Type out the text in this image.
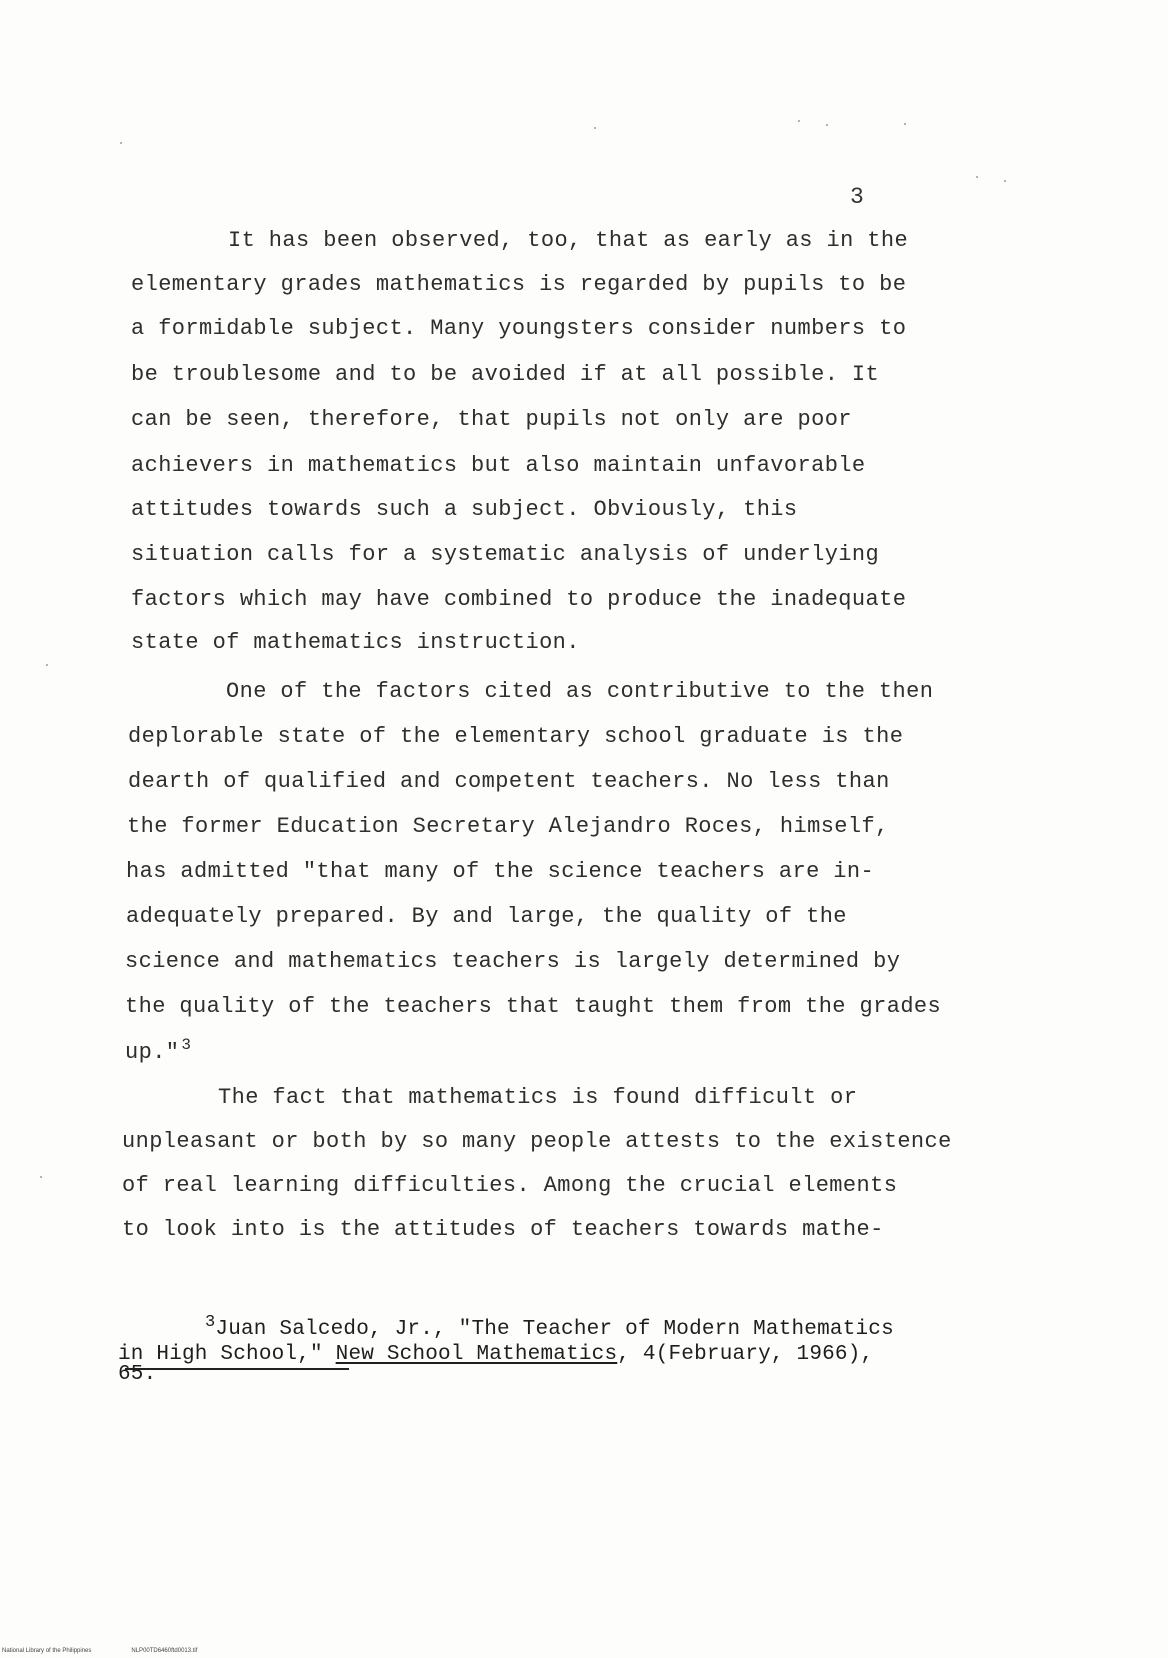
3
It has been observed, too, that as early as in the
elementary grades mathematics is regarded by pupils to be
a formidable subject. Many youngsters consider numbers to
be troublesome and to be avoided if at all possible. It
can be seen, therefore, that pupils not only are poor
achievers in mathematics but also maintain unfavorable
attitudes towards such a subject. Obviously, this
situation calls for a systematic analysis of underlying
factors which may have combined to produce the inadequate
state of mathematics instruction.
One of the factors cited as contributive to the then
deplorable state of the elementary school graduate is the
dearth of qualified and competent teachers. No less than
the former Education Secretary Alejandro Roces, himself,
has admitted "that many of the science teachers are in-
adequately prepared. By and large, the quality of the
science and mathematics teachers is largely determined by
the quality of the teachers that taught them from the grades
up." $^3$
The fact that mathematics is found difficult or
unpleasant or both by so many people attests to the existence
of real learning difficulties. Among the crucial elements
to look into is the attitudes of teachers towards mathe-
$^3$Juan Salcedo, Jr., "The Teacher of Modern Mathematics
in High School," New School Mathematics, 4(February, 1966),
65.
National Library of the Philippines	NLP00TD6460ftd0013.tif
